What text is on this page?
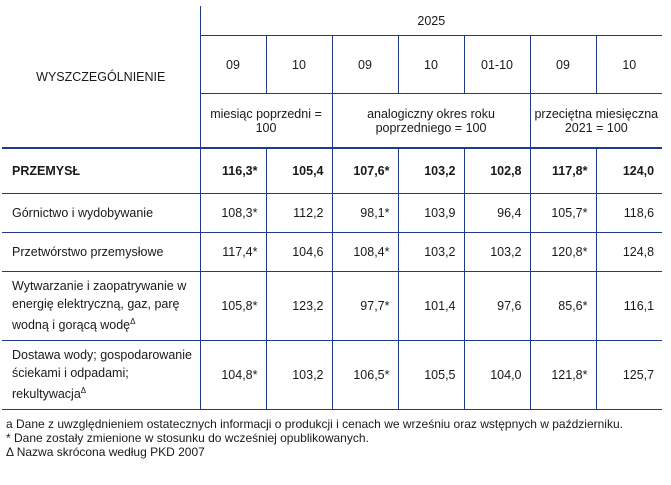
WYSZCZEGÓLNIENIE	2025						
	09	10	09	10	01-10	09	10
	miesiąc poprzedni = 100		analogiczny okres roku poprzedniego = 100			przeciętna miesięczna 2021 = 100	
PRZEMYSŁ	116,3*	105,4	107,6*	103,2	102,8	117,8*	124,0
Górnictwo i wydobywanie	108,3*	112,2	98,1*	103,9	96,4	105,7*	118,6
Przetwórstwo przemysłowe	117,4*	104,6	108,4*	103,2	103,2	120,8*	124,8
Wytwarzanie i zaopatrywanie w energię elektryczną, gaz, parę wodną i gorącą wodę$^\Delta$	105,8*	123,2	97,7*	101,4	97,6	85,6*	116,1
Dostawa wody; gospodarowanie ściekami i odpadami; rekultywacja$^\Delta$	104,8*	103,2	106,5*	105,5	104,0	121,8*	125,7
a Dane z uwzględnieniem ostatecznych informacji o produkcji i cenach we wrześniu oraz wstępnych w październiku.
* Dane zostały zmienione w stosunku do wcześniej opublikowanych.
Δ Nazwa skrócona według PKD 2007
